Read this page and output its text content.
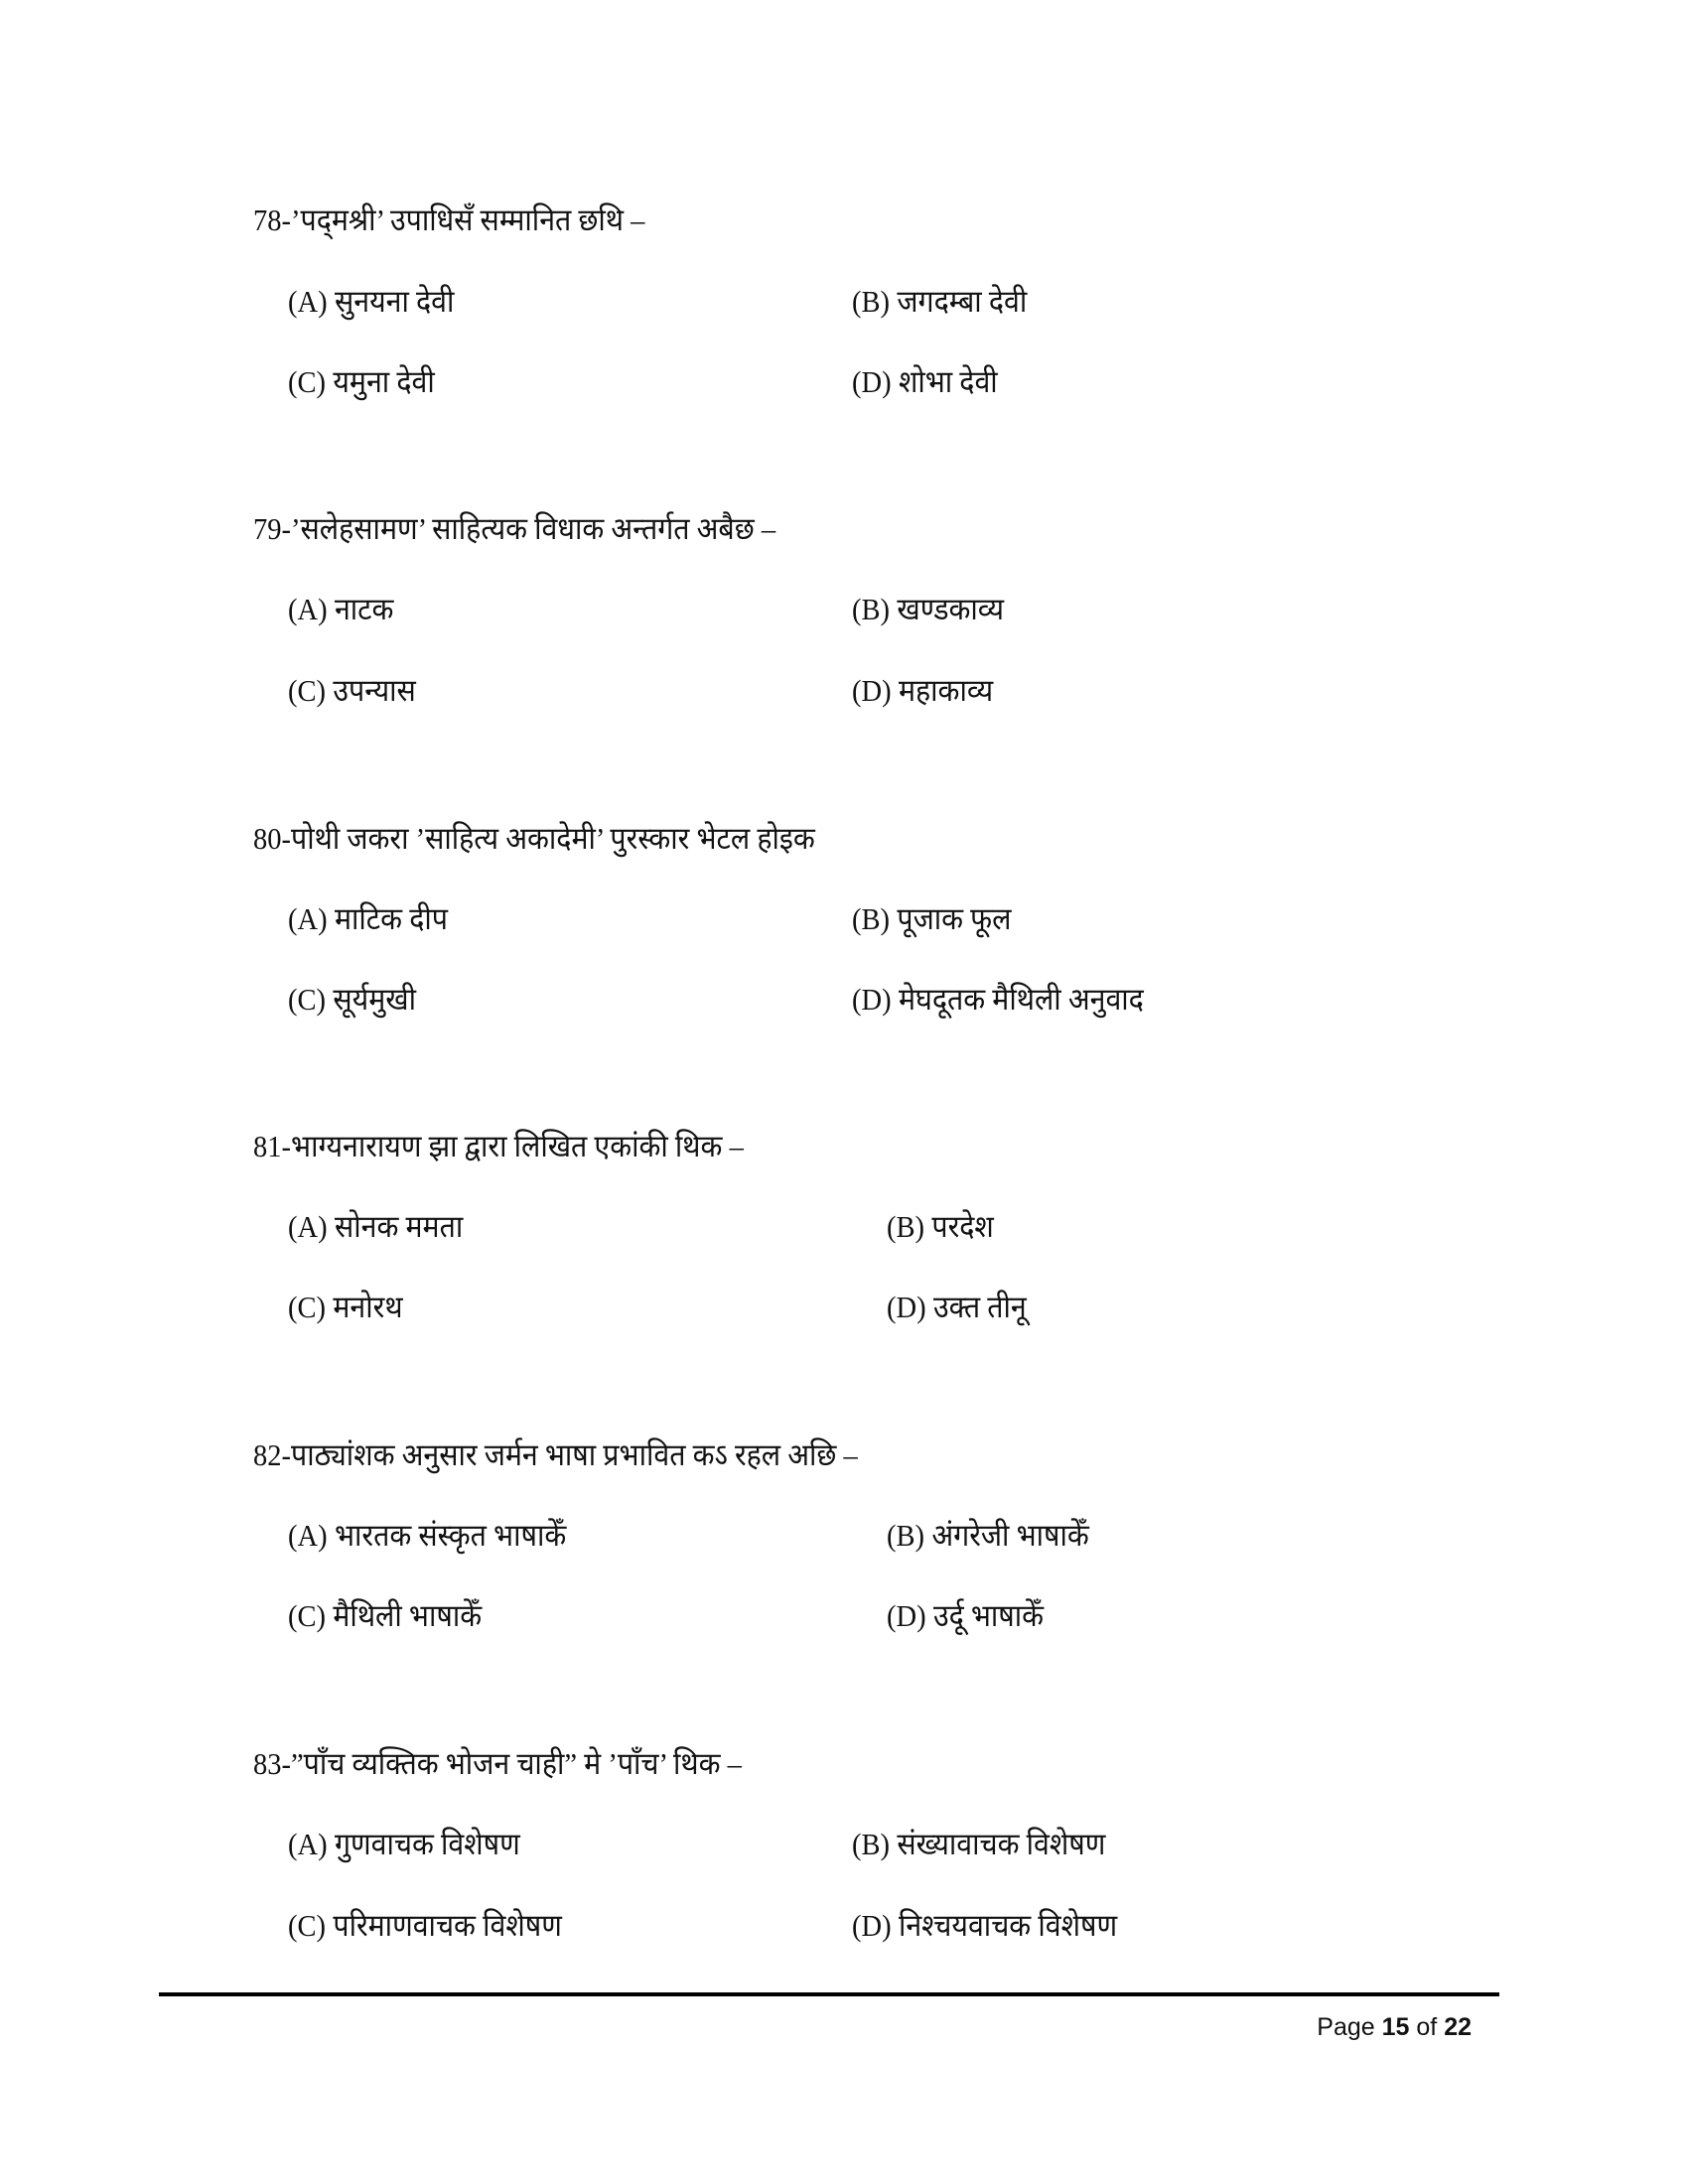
78-’पद्‍मश्री’ उपाधिसँ सम्मानित छथि –
(A) सुनयना देवी	(B) जगदम्बा देवी
(C) यमुना देवी	(D) शोभा देवी
79-’सलेहसामण’ साहित्यक विधाक अन्तर्गत अबैछ –
(A) नाटक	(B) खण्डकाव्य
(C) उपन्यास	(D) महाकाव्य
80-पोथी जकरा ’साहित्य अकादेमी’ पुरस्कार भेटल होइक
(A) माटिक दीप	(B) पूजाक फूल
(C) सूर्यमुखी	(D) मेघदूतक मैथिली अनुवाद
81-भाग्यनारायण झा द्वारा लिखित एकांकी थिक –
(A) सोनक ममता	(B) परदेश
(C) मनोरथ	(D) उक्त तीनू
82-पाठ्यांशक अनुसार जर्मन भाषा प्रभावित कऽ रहल अछि –
(A) भारतक संस्कृत भाषाकेँ	(B) अंगरेजी भाषाकेँ
(C) मैथिली भाषाकेँ	(D) उर्दू भाषाकेँ
83-”पाँच व्यक्तिक भोजन चाही” मे ’पाँच’ थिक –
(A) गुणवाचक विशेषण	(B) संख्यावाचक विशेषण
(C) परिमाणवाचक विशेषण	(D) निश्चयवाचक विशेषण
Page 15 of 22
